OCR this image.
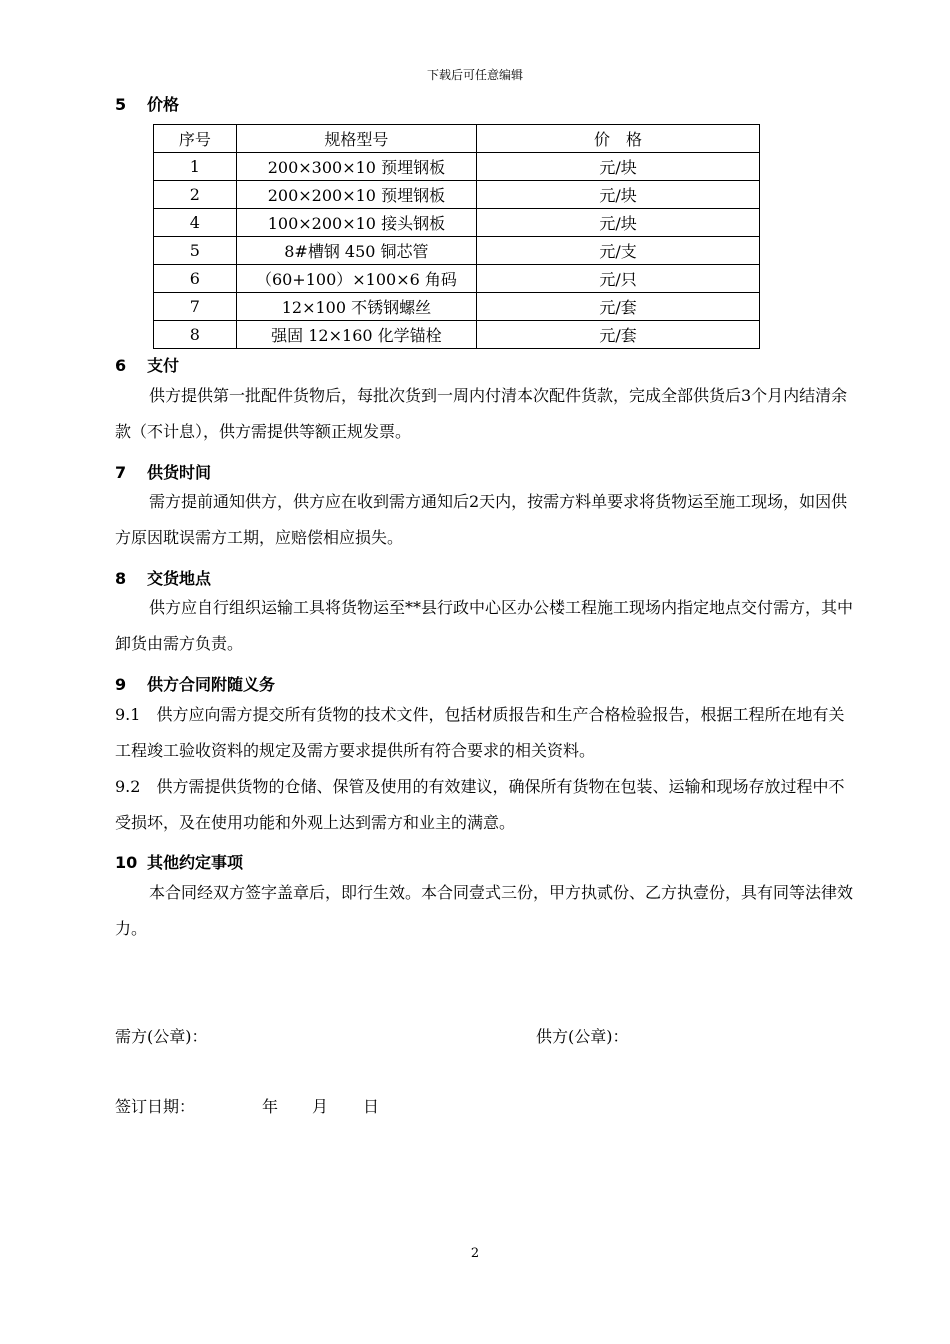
下载后可任意编辑
5 价格
序号	规格型号	价　格
1	200×300×10 预埋钢板	元/块
2	200×200×10 预埋钢板	元/块
4	100×200×10 接头钢板	元/块
5	8#槽钢 450 铜芯管	元/支
6	（60+100）×100×6 角码	元/只
7	12×100 不锈钢螺丝	元/套
8	强固 12×160 化学锚栓	元/套
6 支付

供方提供第一批配件货物后，每批次货到一周内付清本次配件货款，完成全部供货后3个月内结清余款（不计息），供方需提供等额正规发票。

7 供货时间

需方提前通知供方，供方应在收到需方通知后2天内，按需方料单要求将货物运至施工现场，如因供方原因耽误需方工期，应赔偿相应损失。

8 交货地点

供方应自行组织运输工具将货物运至**县行政中心区办公楼工程施工现场内指定地点交付需方，其中卸货由需方负责。

9 供方合同附随义务

9.1　供方应向需方提交所有货物的技术文件，包括材质报告和生产合格检验报告，根据工程所在地有关工程竣工验收资料的规定及需方要求提供所有符合要求的相关资料。

9.2　供方需提供货物的仓储、保管及使用的有效建议，确保所有货物在包装、运输和现场存放过程中不受损坏，及在使用功能和外观上达到需方和业主的满意。

10 其他约定事项

本合同经双方签字盖章后，即行生效。本合同壹式三份，甲方执贰份、乙方执壹份，具有同等法律效力。

需方(公章)：	供方(公章)：
签订日期：	年 月 日
2
